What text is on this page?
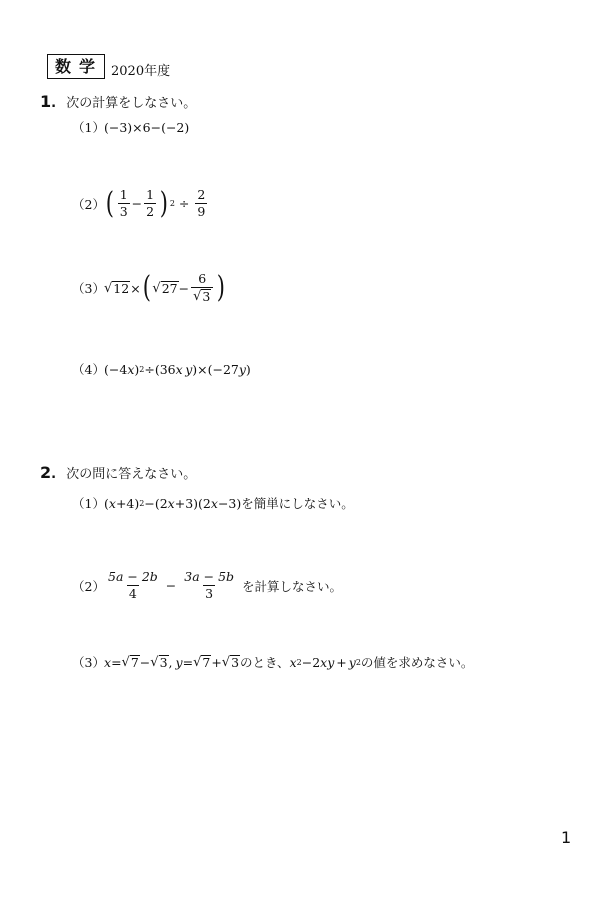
数学 2020年度
1. 次の計算をしなさい。
（1） (−3)×6−(−2)
（2） ( $\frac{1}{3} - \frac{1}{2}$ ) $2 \div \frac{2}{9}$
（3） √ 12 × ( √ $27 - \frac{6}{√ 3}$ )
（4） (−4 x ) 2 ÷(36 x
  y )×(−27 y )
2. 次の問に答えなさい。
（1） ( x +4) 2 −(2 x +3)(2 x −3) を簡単にしなさい。
$(2) \frac{5a - 2b}{4} - \frac{3a - 5b}{3}$ を計算しなさい。
（3） x = √ 7 − √ 3 , y = √ 7 + √ 3 のとき、 x 2 −2 xy + y 2 の値を求めなさい。
1
